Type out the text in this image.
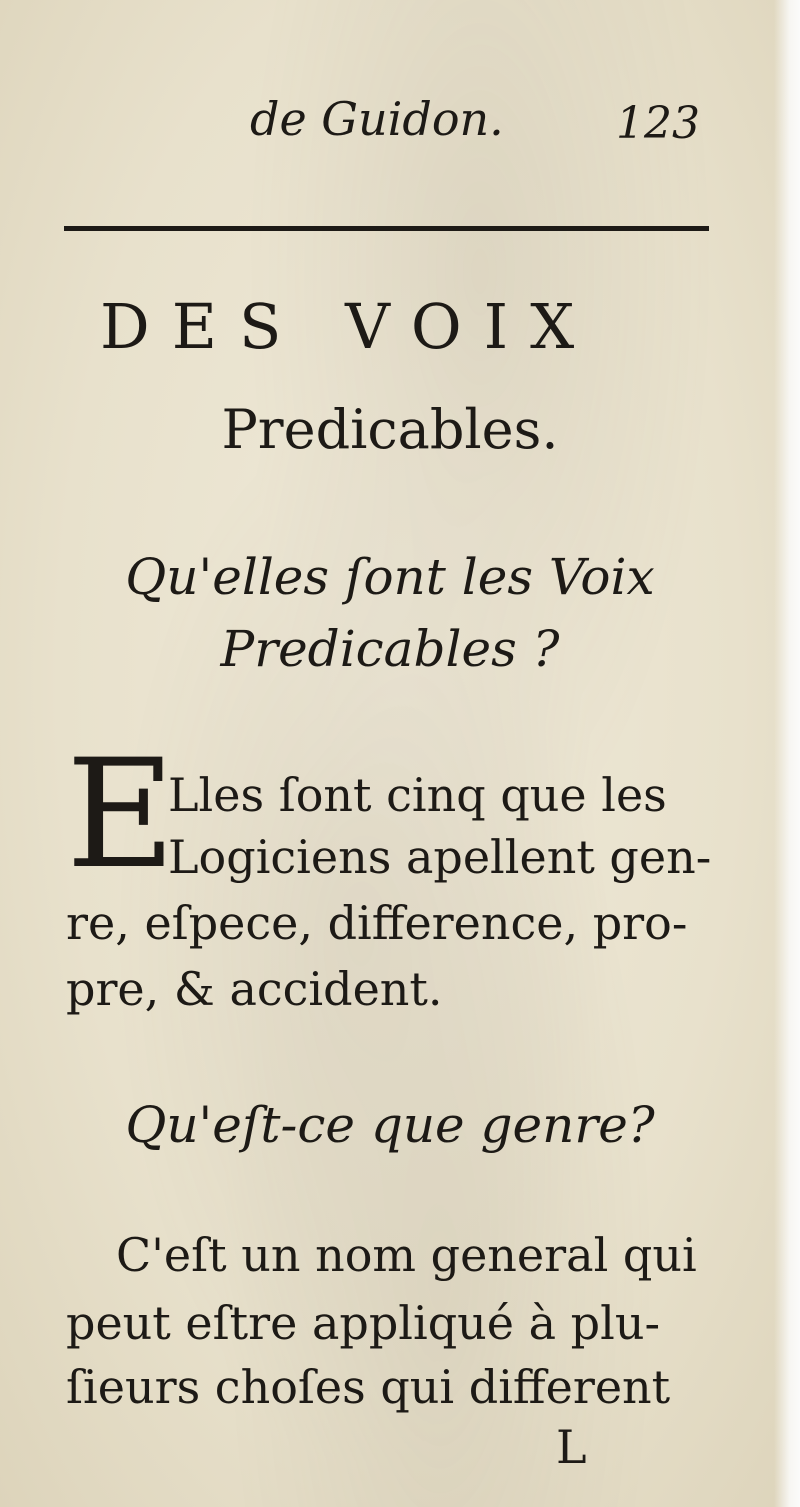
de Guidon.	123
DES VOIX
Predicables.
Qu'elles ſont les Voix
Predicables ?
E
Lles ſont cinq que les
Logiciens apellent gen-
re, eſpece, difference, pro-
pre, & accident.
Qu'eſt-ce que genre?
C'eſt un nom general qui
peut eſtre appliqué à plu-
ſieurs choſes qui different
L
